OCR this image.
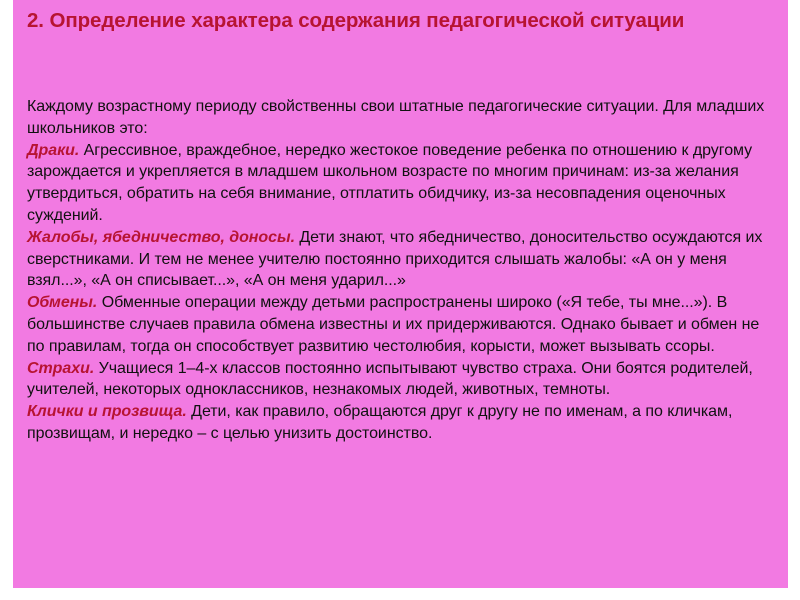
2. Определение характера содержания педагогической ситуации

Каждому возрастному периоду свойственны свои штатные педагогические ситуации. Для младших школьников это:

Драки. Агрессивное, враждебное, нередко жестокое поведение ребенка по отношению к другому зарождается и укрепляется в младшем школьном возрасте по многим причинам: из-за желания утвердиться, обратить на себя внимание, отплатить обидчику, из-за несовпадения оценочных суждений.

Жалобы, ябедничество, доносы. Дети знают, что ябедничество, доносительство осуждаются их сверстниками. И тем не менее учителю постоянно приходится слышать жалобы: «А он у меня взял...», «А он списывает...», «А он меня ударил...»

Обмены. Обменные операции между детьми распространены широко («Я тебе, ты мне...»). В большинстве случаев правила обмена известны и их придерживаются. Однако бывает и обмен не по правилам, тогда он способствует развитию честолюбия, корысти, может вызывать ссоры.

Страхи. Учащиеся 1–4-х классов постоянно испытывают чувство страха. Они боятся родителей, учителей, некоторых одноклассников, незнакомых людей, животных, темноты.

Клички и прозвища. Дети, как правило, обращаются друг к другу не по именам, а по кличкам, прозвищам, и нередко – с целью унизить достоинство.
